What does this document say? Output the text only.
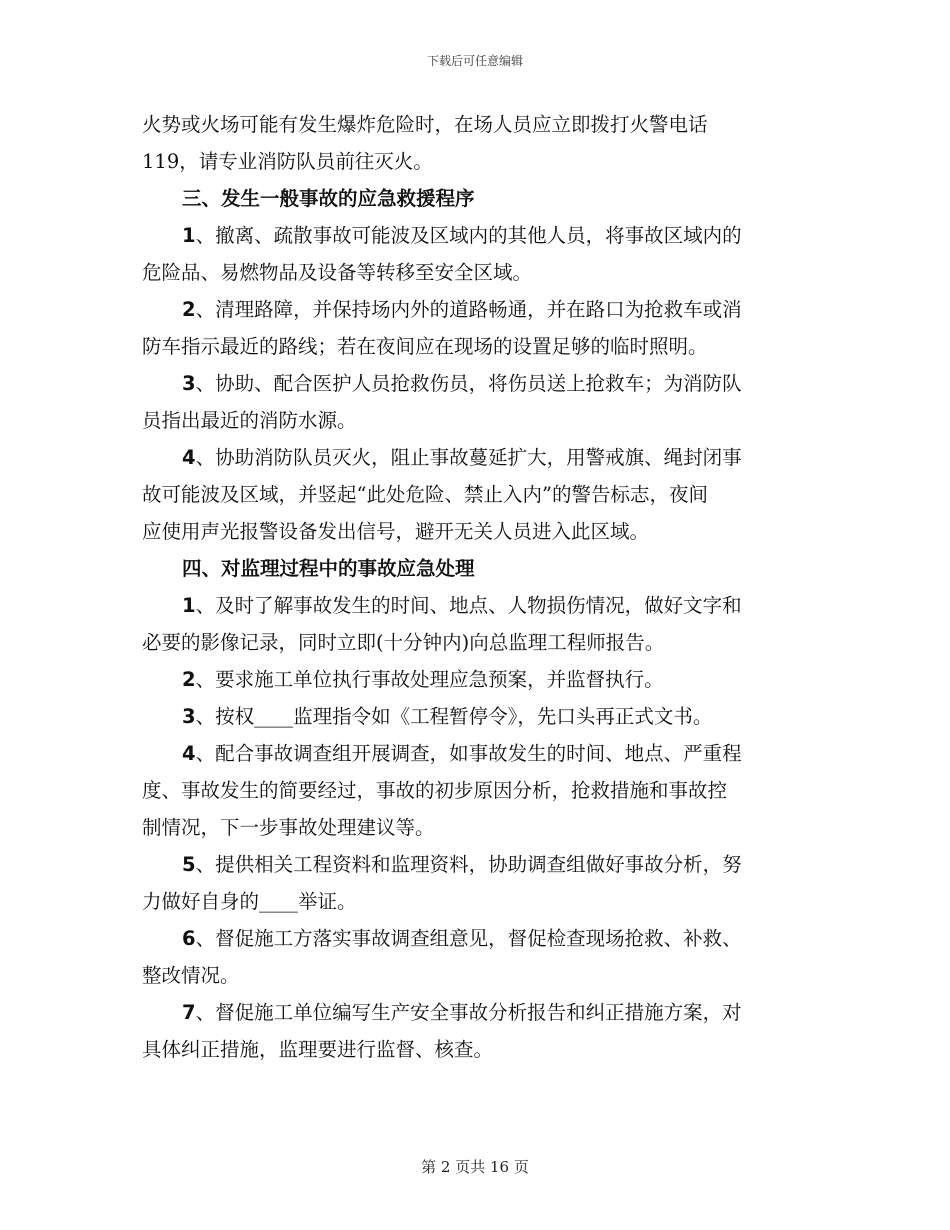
下载后可任意编辑
火势或火场可能有发生爆炸危险时，在场人员应立即拨打火警电话
119，请专业消防队员前往灭火。
三、发生一般事故的应急救援程序
1、撤离、疏散事故可能波及区域内的其他人员，将事故区域内的
危险品、易燃物品及设备等转移至安全区域。
2、清理路障，并保持场内外的道路畅通，并在路口为抢救车或消
防车指示最近的路线；若在夜间应在现场的设置足够的临时照明。
3、协助、配合医护人员抢救伤员，将伤员送上抢救车；为消防队
员指出最近的消防水源。
4、协助消防队员灭火，阻止事故蔓延扩大，用警戒旗、绳封闭事
故可能波及区域，并竖起“此处危险、禁止入内”的警告标志，夜间
应使用声光报警设备发出信号，避开无关人员进入此区域。
四、对监理过程中的事故应急处理
1、及时了解事故发生的时间、地点、人物损伤情况，做好文字和
必要的影像记录，同时立即(十分钟内)向总监理工程师报告。
2、要求施工单位执行事故处理应急预案，并监督执行。
3、按权____监理指令如《工程暂停令》，先口头再正式文书。
4、配合事故调查组开展调查，如事故发生的时间、地点、严重程
度、事故发生的简要经过，事故的初步原因分析，抢救措施和事故控
制情况，下一步事故处理建议等。
5、提供相关工程资料和监理资料，协助调查组做好事故分析，努
力做好自身的____举证。
6、督促施工方落实事故调查组意见，督促检查现场抢救、补救、
整改情况。
7、督促施工单位编写生产安全事故分析报告和纠正措施方案，对
具体纠正措施，监理要进行监督、核查。
第 2 页共 16 页
